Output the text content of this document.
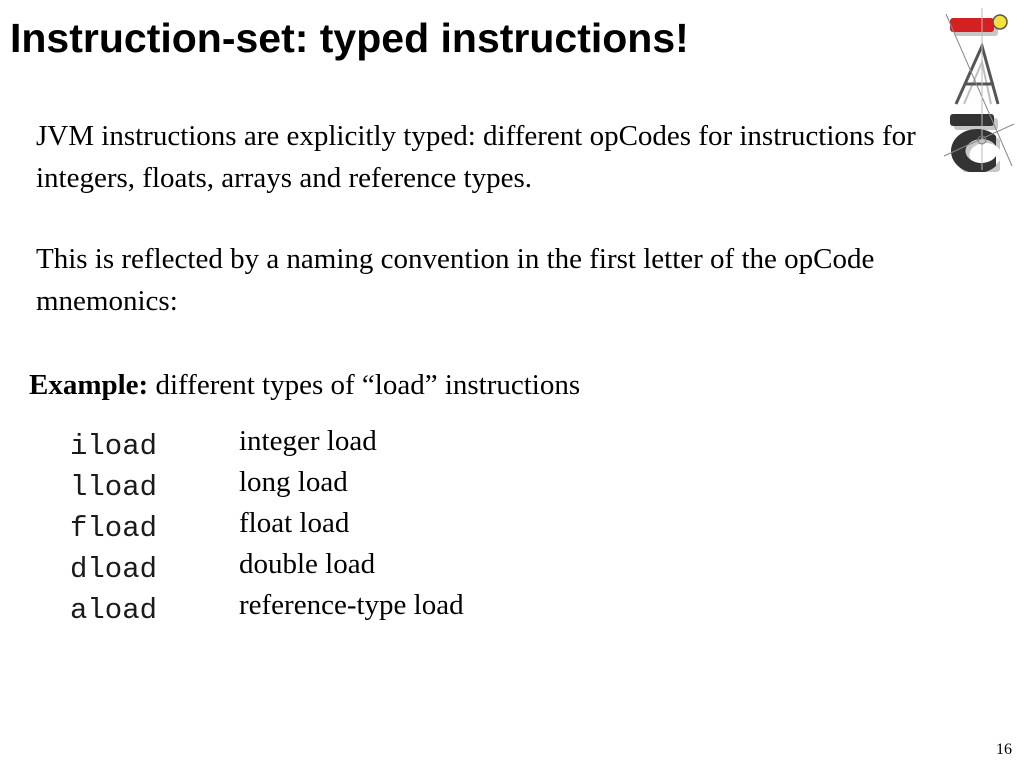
Instruction-set: typed instructions!

JVM instructions are explicitly typed: different opCodes for instructions for integers, floats, arrays and reference types.

This is reflected by a naming convention in the first letter of the opCode mnemonics:

Example: different types of “load” instructions

iload	integer load
lload	long load
fload	float load
dload	double load
aload	reference-type load
16
